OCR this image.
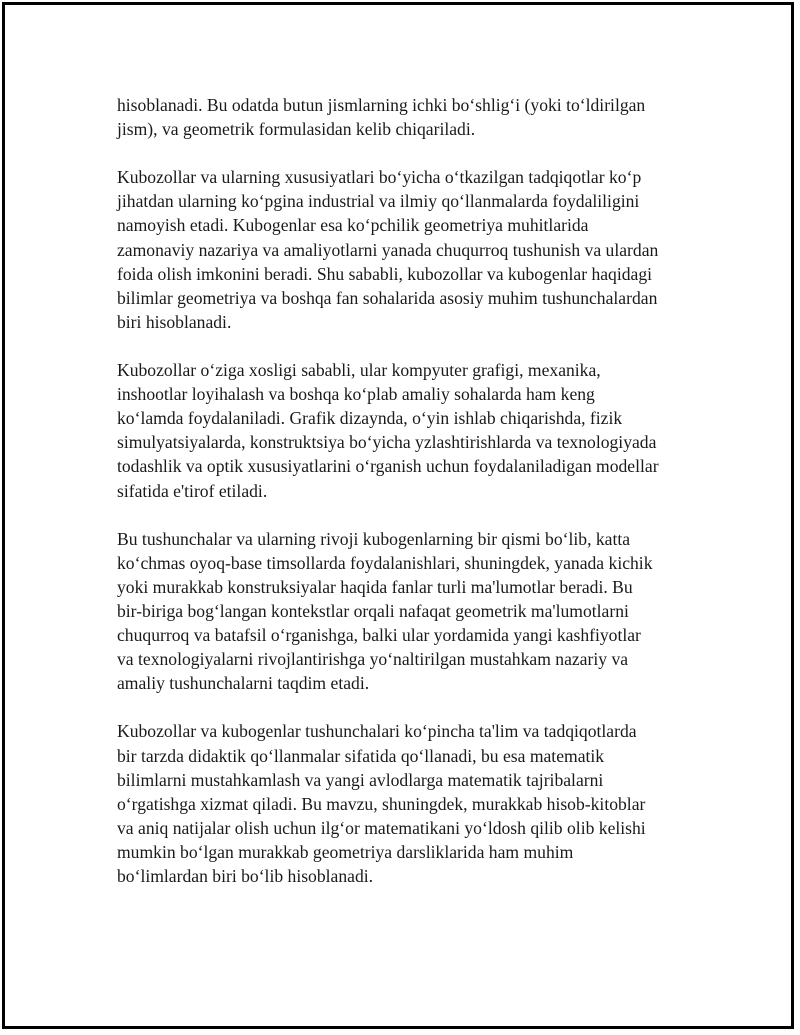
hisoblanadi. Bu odatda butun jismlarning ichki bo‘shlig‘i (yoki to‘ldirilgan
jism), va geometrik formulasidan kelib chiqariladi.
Kubozollar va ularning xususiyatlari bo‘yicha o‘tkazilgan tadqiqotlar ko‘p
jihatdan ularning ko‘pgina industrial va ilmiy qo‘llanmalarda foydaliligini
namoyish etadi. Kubogenlar esa ko‘pchilik geometriya muhitlarida
zamonaviy nazariya va amaliyotlarni yanada chuqurroq tushunish va ulardan
foida olish imkonini beradi. Shu sababli, kubozollar va kubogenlar haqidagi
bilimlar geometriya va boshqa fan sohalarida asosiy muhim tushunchalardan
biri hisoblanadi.
Kubozollar o‘ziga xosligi sababli, ular kompyuter grafigi, mexanika,
inshootlar loyihalash va boshqa ko‘plab amaliy sohalarda ham keng
ko‘lamda foydalaniladi. Grafik dizaynda, o‘yin ishlab chiqarishda, fizik
simulyatsiyalarda, konstruktsiya bo‘yicha yzlashtirishlarda va texnologiyada
todashlik va optik xususiyatlarini o‘rganish uchun foydalaniladigan modellar
sifatida e'tirof etiladi.
Bu tushunchalar va ularning rivoji kubogenlarning bir qismi bo‘lib, katta
ko‘chmas oyoq-base timsollarda foydalanishlari, shuningdek, yanada kichik
yoki murakkab konstruksiyalar haqida fanlar turli ma'lumotlar beradi. Bu
bir-biriga bog‘langan kontekstlar orqali nafaqat geometrik ma'lumotlarni
chuqurroq va batafsil o‘rganishga, balki ular yordamida yangi kashfiyotlar
va texnologiyalarni rivojlantirishga yo‘naltirilgan mustahkam nazariy va
amaliy tushunchalarni taqdim etadi.
Kubozollar va kubogenlar tushunchalari ko‘pincha ta'lim va tadqiqotlarda
bir tarzda didaktik qo‘llanmalar sifatida qo‘llanadi, bu esa matematik
bilimlarni mustahkamlash va yangi avlodlarga matematik tajribalarni
o‘rgatishga xizmat qiladi. Bu mavzu, shuningdek, murakkab hisob-kitoblar
va aniq natijalar olish uchun ilg‘or matematikani yo‘ldosh qilib olib kelishi
mumkin bo‘lgan murakkab geometriya darsliklarida ham muhim
bo‘limlardan biri bo‘lib hisoblanadi.
